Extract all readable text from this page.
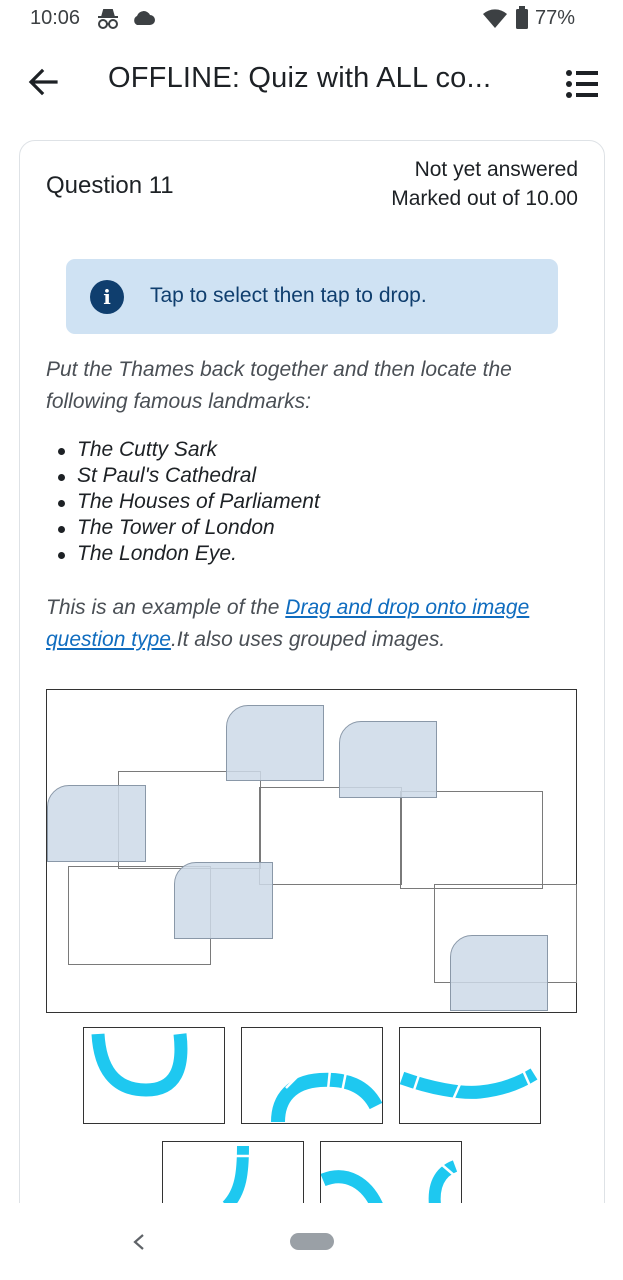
10:06	77%
OFFLINE: Quiz with ALL co...
Question 11
Not yet answered
Marked out of 10.00
i	Tap to select then tap to drop.
Put the Thames back together and then locate the following famous landmarks:
The Cutty Sark
St Paul's Cathedral
The Houses of Parliament
The Tower of London
The London Eye.
This is an example of the Drag and drop onto image question type.It also uses grouped images.
